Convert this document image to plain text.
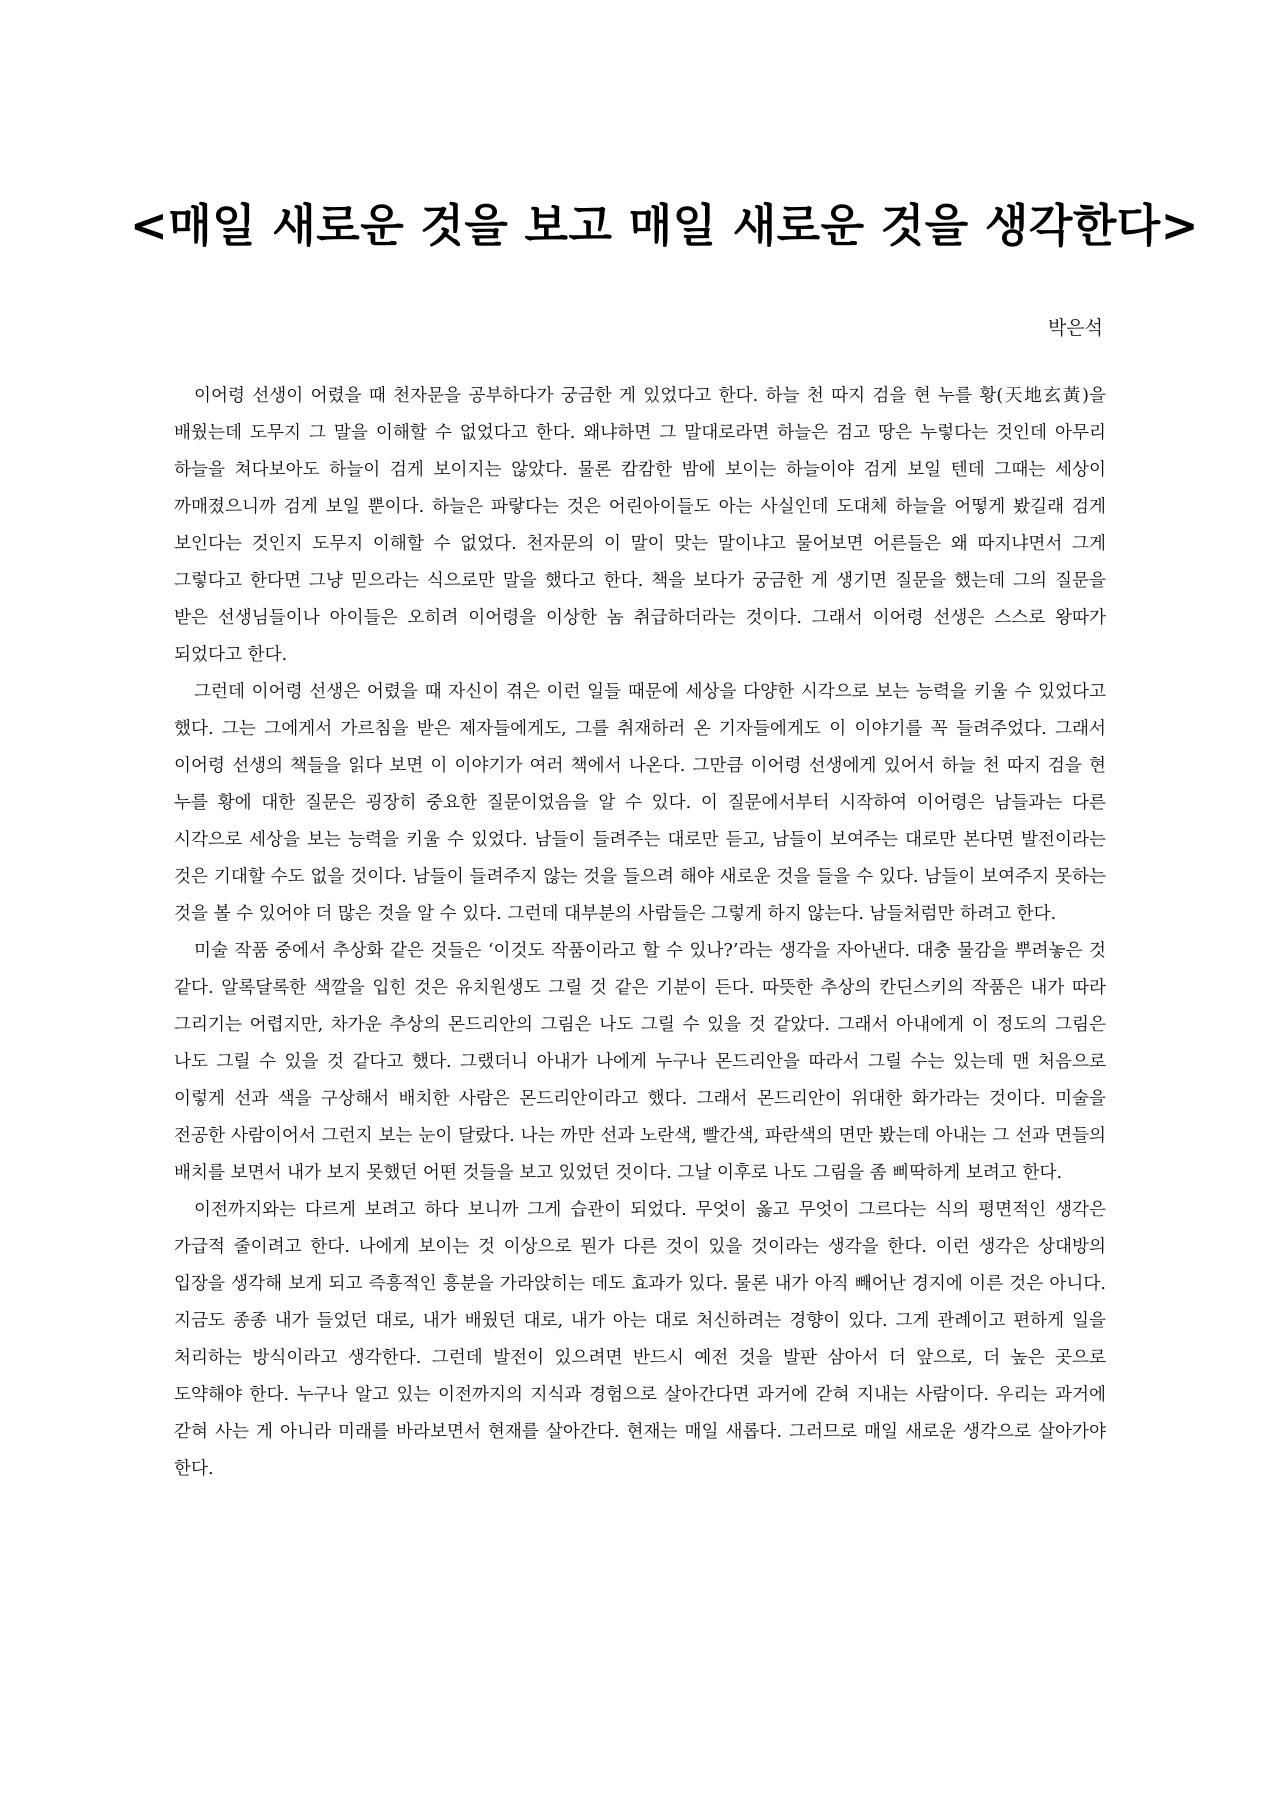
<매일 새로운 것을 보고 매일 새로운 것을 생각한다>
박은석

이어령 선생이 어렸을 때 천자문을 공부하다가 궁금한 게 있었다고 한다. 하늘 천 따지 검을 현 누를 황(天地玄黃)을 배웠는데 도무지 그 말을 이해할 수 없었다고 한다. 왜냐하면 그 말대로라면 하늘은 검고 땅은 누렇다는 것인데 아무리 하늘을 쳐다보아도 하늘이 검게 보이지는 않았다. 물론 캄캄한 밤에 보이는 하늘이야 검게 보일 텐데 그때는 세상이 까매졌으니까 검게 보일 뿐이다. 하늘은 파랗다는 것은 어린아이들도 아는 사실인데 도대체 하늘을 어떻게 봤길래 검게 보인다는 것인지 도무지 이해할 수 없었다. 천자문의 이 말이 맞는 말이냐고 물어보면 어른들은 왜 따지냐면서 그게 그렇다고 한다면 그냥 믿으라는 식으로만 말을 했다고 한다. 책을 보다가 궁금한 게 생기면 질문을 했는데 그의 질문을 받은 선생님들이나 아이들은 오히려 이어령을 이상한 놈 취급하더라는 것이다. 그래서 이어령 선생은 스스로 왕따가 되었다고 한다.

그런데 이어령 선생은 어렸을 때 자신이 겪은 이런 일들 때문에 세상을 다양한 시각으로 보는 능력을 키울 수 있었다고 했다. 그는 그에게서 가르침을 받은 제자들에게도, 그를 취재하러 온 기자들에게도 이 이야기를 꼭 들려주었다. 그래서 이어령 선생의 책들을 읽다 보면 이 이야기가 여러 책에서 나온다. 그만큼 이어령 선생에게 있어서 하늘 천 따지 검을 현 누를 황에 대한 질문은 굉장히 중요한 질문이었음을 알 수 있다. 이 질문에서부터 시작하여 이어령은 남들과는 다른 시각으로 세상을 보는 능력을 키울 수 있었다. 남들이 들려주는 대로만 듣고, 남들이 보여주는 대로만 본다면 발전이라는 것은 기대할 수도 없을 것이다. 남들이 들려주지 않는 것을 들으려 해야 새로운 것을 들을 수 있다. 남들이 보여주지 못하는 것을 볼 수 있어야 더 많은 것을 알 수 있다. 그런데 대부분의 사람들은 그렇게 하지 않는다. 남들처럼만 하려고 한다.

미술 작품 중에서 추상화 같은 것들은 ‘이것도 작품이라고 할 수 있나?’라는 생각을 자아낸다. 대충 물감을 뿌려놓은 것 같다. 알록달록한 색깔을 입힌 것은 유치원생도 그릴 것 같은 기분이 든다. 따뜻한 추상의 칸딘스키의 작품은 내가 따라 그리기는 어렵지만, 차가운 추상의 몬드리안의 그림은 나도 그릴 수 있을 것 같았다. 그래서 아내에게 이 정도의 그림은 나도 그릴 수 있을 것 같다고 했다. 그랬더니 아내가 나에게 누구나 몬드리안을 따라서 그릴 수는 있는데 맨 처음으로 이렇게 선과 색을 구상해서 배치한 사람은 몬드리안이라고 했다. 그래서 몬드리안이 위대한 화가라는 것이다. 미술을 전공한 사람이어서 그런지 보는 눈이 달랐다. 나는 까만 선과 노란색, 빨간색, 파란색의 면만 봤는데 아내는 그 선과 면들의 배치를 보면서 내가 보지 못했던 어떤 것들을 보고 있었던 것이다. 그날 이후로 나도 그림을 좀 삐딱하게 보려고 한다.

이전까지와는 다르게 보려고 하다 보니까 그게 습관이 되었다. 무엇이 옳고 무엇이 그르다는 식의 평면적인 생각은 가급적 줄이려고 한다. 나에게 보이는 것 이상으로 뭔가 다른 것이 있을 것이라는 생각을 한다. 이런 생각은 상대방의 입장을 생각해 보게 되고 즉흥적인 흥분을 가라앉히는 데도 효과가 있다. 물론 내가 아직 빼어난 경지에 이른 것은 아니다. 지금도 종종 내가 들었던 대로, 내가 배웠던 대로, 내가 아는 대로 처신하려는 경향이 있다. 그게 관례이고 편하게 일을 처리하는 방식이라고 생각한다. 그런데 발전이 있으려면 반드시 예전 것을 발판 삼아서 더 앞으로, 더 높은 곳으로 도약해야 한다. 누구나 알고 있는 이전까지의 지식과 경험으로 살아간다면 과거에 갇혀 지내는 사람이다. 우리는 과거에 갇혀 사는 게 아니라 미래를 바라보면서 현재를 살아간다. 현재는 매일 새롭다. 그러므로 매일 새로운 생각으로 살아가야 한다.
